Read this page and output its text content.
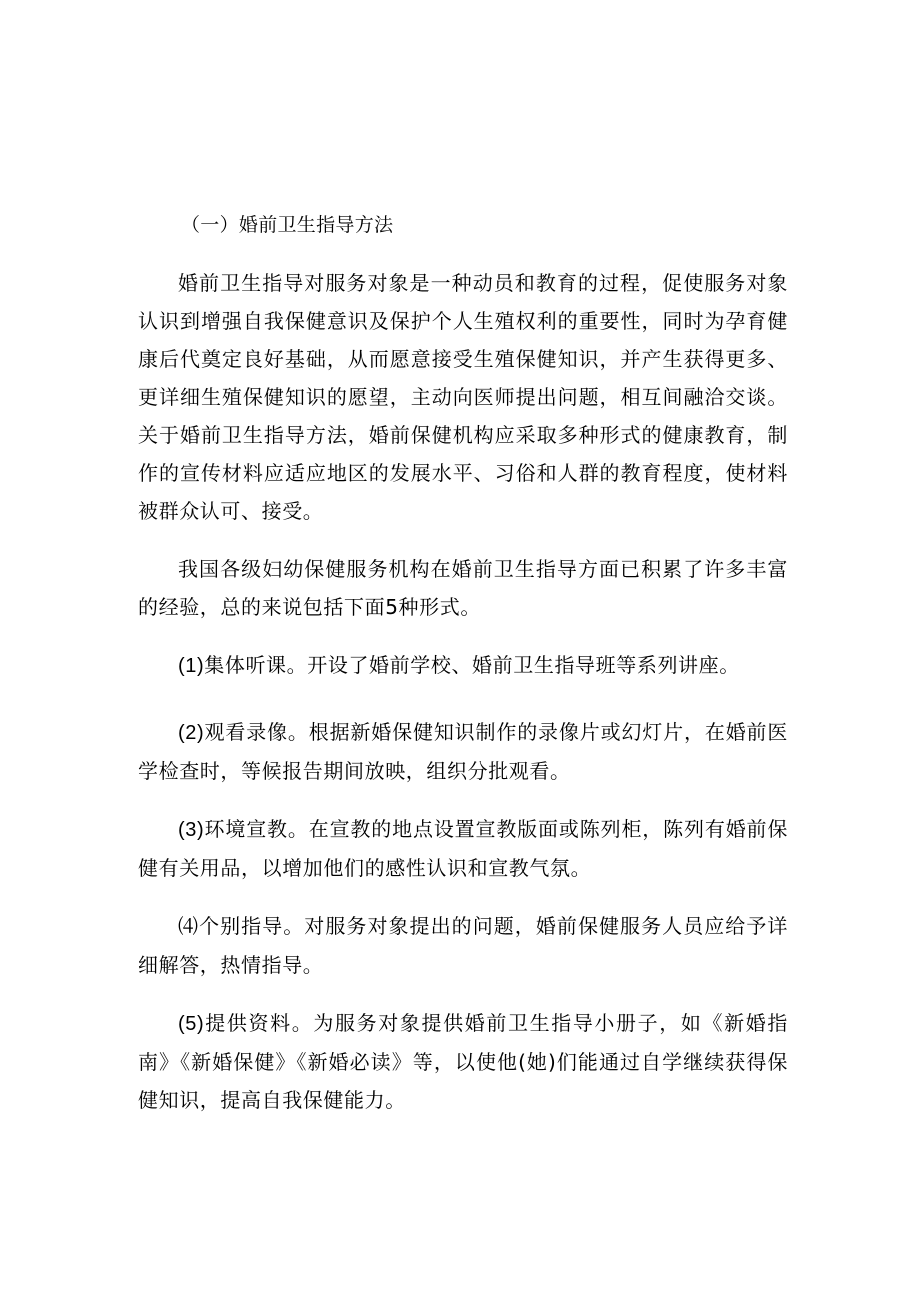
（一）婚前卫生指导方法

婚前卫生指导对服务对象是一种动员和教育的过程，促使服务对象认识到增强自我保健意识及保护个人生殖权利的重要性，同时为孕育健康后代奠定良好基础，从而愿意接受生殖保健知识，并产生获得更多、更详细生殖保健知识的愿望，主动向医师提出问题，相互间融洽交谈。关于婚前卫生指导方法，婚前保健机构应采取多种形式的健康教育，制作的宣传材料应适应地区的发展水平、习俗和人群的教育程度，使材料被群众认可、接受。

我国各级妇幼保健服务机构在婚前卫生指导方面已积累了许多丰富的经验，总的来说包括下面5种形式。

(1)集体听课。开设了婚前学校、婚前卫生指导班等系列讲座。

(2)观看录像。根据新婚保健知识制作的录像片或幻灯片，在婚前医学检查时，等候报告期间放映，组织分批观看。

(3)环境宣教。在宣教的地点设置宣教版面或陈列柜，陈列有婚前保健有关用品，以增加他们的感性认识和宣教气氛。

⑷个别指导。对服务对象提出的问题，婚前保健服务人员应给予详细解答，热情指导。

(5)提供资料。为服务对象提供婚前卫生指导小册子，如《新婚指南》《新婚保健》《新婚必读》等，以使他(她)们能通过自学继续获得保健知识，提高自我保健能力。
